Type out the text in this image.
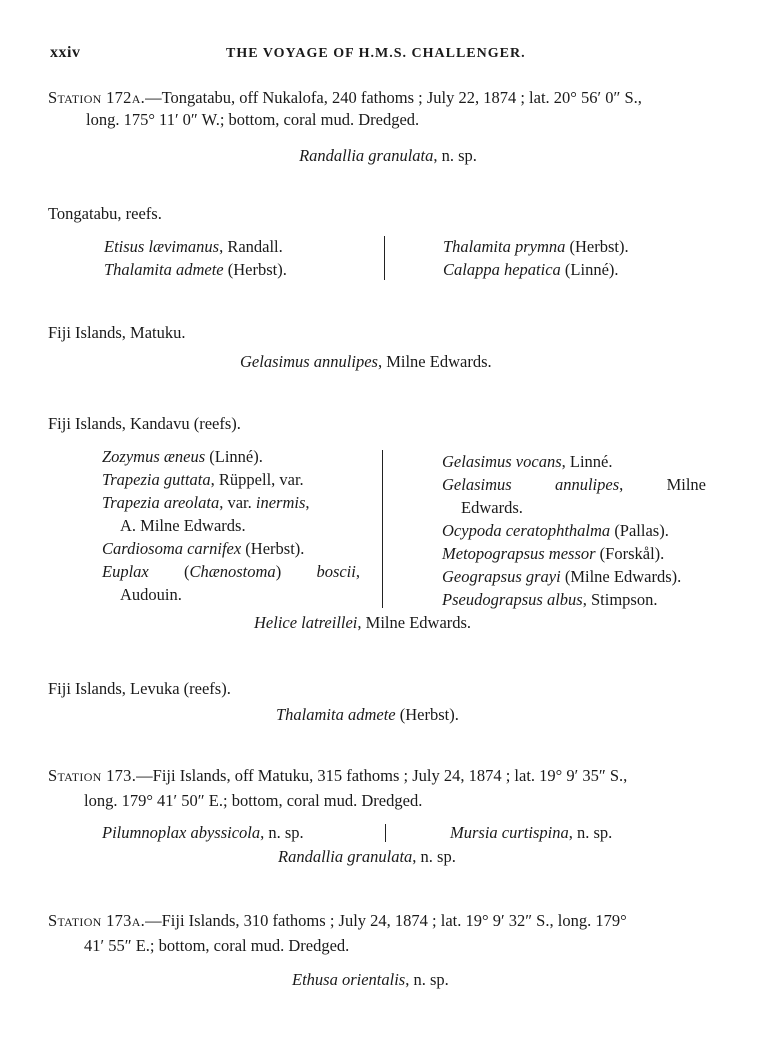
xxiv	THE VOYAGE OF H.M.S. CHALLENGER.
Station 172a.—Tongatabu, off Nukalofa, 240 fathoms ; July 22, 1874 ; lat. 20° 56′ 0″ S.,
long. 175° 11′ 0″ W.; bottom, coral mud. Dredged.
Randallia granulata, n. sp.
Tongatabu, reefs.
Etisus lævimanus, Randall.
Thalamita admete (Herbst).
Thalamita prymna (Herbst).
Calappa hepatica (Linné).
Fiji Islands, Matuku.
Gelasimus annulipes, Milne Edwards.
Fiji Islands, Kandavu (reefs).
Zozymus æneus (Linné).
Trapezia guttata, Rüppell, var.
Trapezia areolata, var. inermis,
A. Milne Edwards.
Cardiosoma carnifex (Herbst).
Euplax (Chænostoma) boscii,
Audouin.
Gelasimus vocans, Linné.
Gelasimus	annulipes,	Milne
Edwards.
Ocypoda ceratophthalma (Pallas).
Metopograpsus messor (Forskål).
Geograpsus grayi (Milne Edwards).
Pseudograpsus albus, Stimpson.
Helice latreillei, Milne Edwards.
Fiji Islands, Levuka (reefs).
Thalamita admete (Herbst).
Station 173.—Fiji Islands, off Matuku, 315 fathoms ; July 24, 1874 ; lat. 19° 9′ 35″ S.,
long. 179° 41′ 50″ E.; bottom, coral mud. Dredged.
Pilumnoplax abyssicola, n. sp.	Mursia curtispina, n. sp.
Randallia granulata, n. sp.
Station 173a.—Fiji Islands, 310 fathoms ; July 24, 1874 ; lat. 19° 9′ 32″ S., long. 179°
41′ 55″ E.; bottom, coral mud. Dredged.
Ethusa orientalis, n. sp.
